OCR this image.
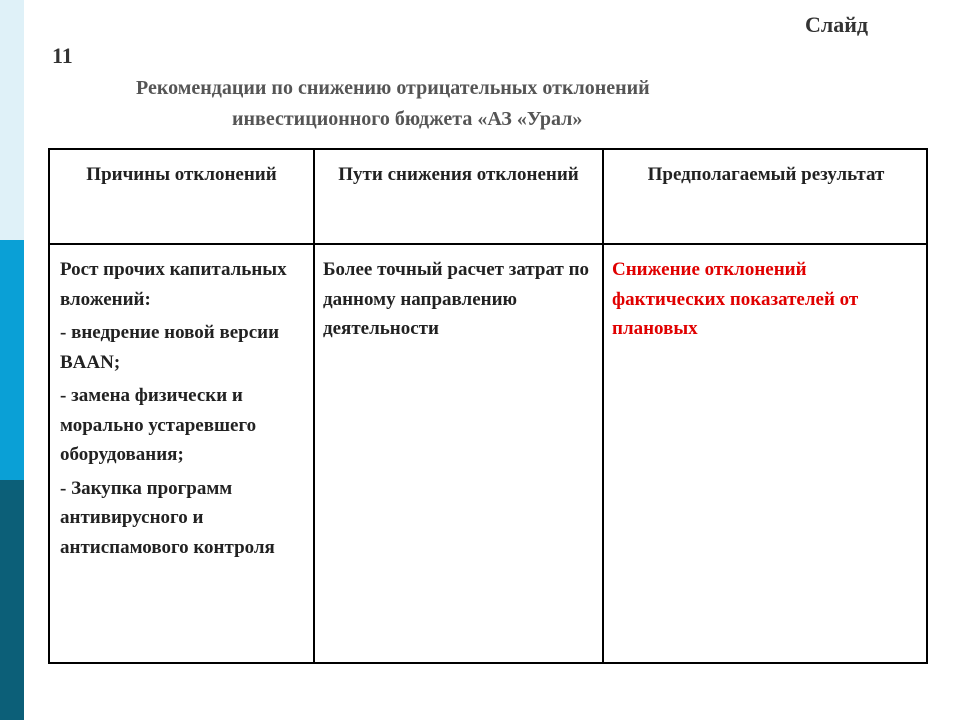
Слайд
11
Рекомендации по снижению отрицательных отклонений
инвестиционного бюджета «АЗ «Урал»
Причины отклонений	Пути снижения отклонений	Предполагаемый результат

Рост прочих капитальных вложений:

- внедрение новой версии BAAN;

- замена физически и морально устаревшего оборудования;

- Закупка программ антивирусного и антиспамового контроля

Более точный расчет затрат по данному направлению деятельности
Снижение отклонений фактических показателей от плановых
